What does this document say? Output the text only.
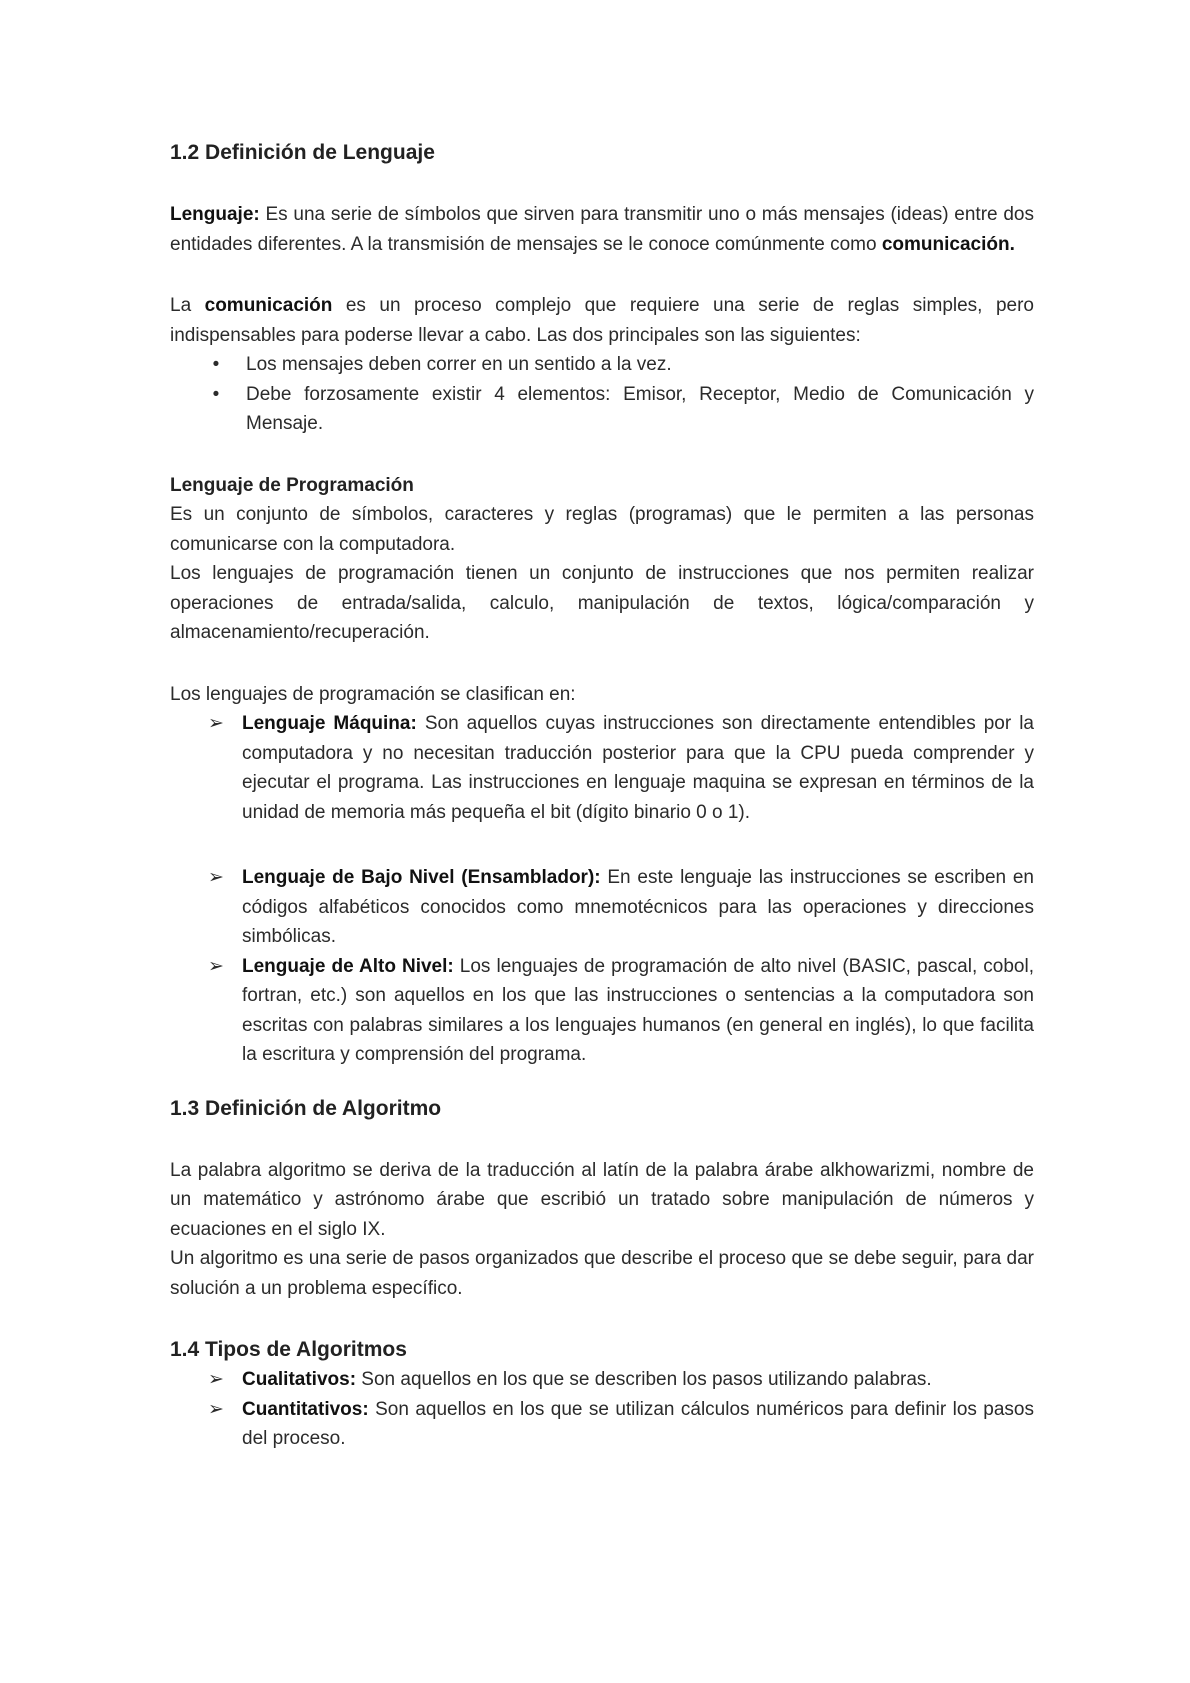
1.2 Definición de Lenguaje

Lenguaje: Es una serie de símbolos que sirven para transmitir uno o más mensajes (ideas) entre dos entidades diferentes. A la transmisión de mensajes se le conoce comúnmente como comunicación.

La comunicación es un proceso complejo que requiere una serie de reglas simples, pero indispensables para poderse llevar a cabo. Las dos principales son las siguientes:

•	Los mensajes deben correr en un sentido a la vez.
•	Debe forzosamente existir 4 elementos: Emisor, Receptor, Medio de Comunicación y Mensaje.

Lenguaje de Programación

Es un conjunto de símbolos, caracteres y reglas (programas) que le permiten a las personas comunicarse con la computadora.

Los lenguajes de programación tienen un conjunto de instrucciones que nos permiten realizar operaciones de entrada/salida, calculo, manipulación de textos, lógica/comparación y almacenamiento/recuperación.

Los lenguajes de programación se clasifican en:

➢ Lenguaje Máquina: Son aquellos cuyas instrucciones son directamente entendibles por la computadora y no necesitan traducción posterior para que la CPU pueda comprender y ejecutar el programa. Las instrucciones en lenguaje maquina se expresan en términos de la unidad de memoria más pequeña el bit (dígito binario 0 o 1).
➢ Lenguaje de Bajo Nivel (Ensamblador): En este lenguaje las instrucciones se escriben en códigos alfabéticos conocidos como mnemotécnicos para las operaciones y direcciones simbólicas.
➢ Lenguaje de Alto Nivel: Los lenguajes de programación de alto nivel (BASIC, pascal, cobol, fortran, etc.) son aquellos en los que las instrucciones o sentencias a la computadora son escritas con palabras similares a los lenguajes humanos (en general en inglés), lo que facilita la escritura y comprensión del programa.
1.3 Definición de Algoritmo

La palabra algoritmo se deriva de la traducción al latín de la palabra árabe alkhowarizmi, nombre de un matemático y astrónomo árabe que escribió un tratado sobre manipulación de números y ecuaciones en el siglo IX.

Un algoritmo es una serie de pasos organizados que describe el proceso que se debe seguir, para dar solución a un problema específico.

1.4 Tipos de Algoritmos
➢ Cualitativos: Son aquellos en los que se describen los pasos utilizando palabras.
➢ Cuantitativos: Son aquellos en los que se utilizan cálculos numéricos para definir los pasos del proceso.
